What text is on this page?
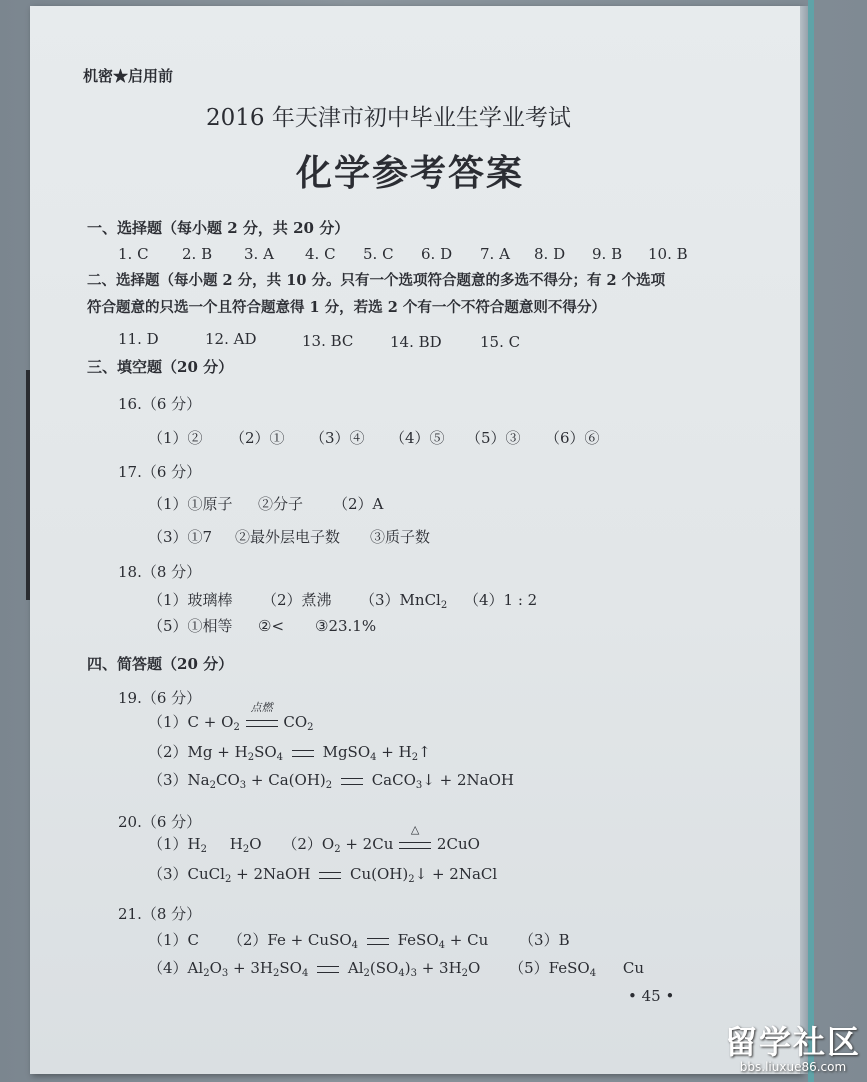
机密★启用前
2016 年天津市初中毕业生学业考试
化学参考答案
一、选择题（每小题 2 分，共 20 分）
1. C 2. B 3. A 4. C 5. C 6. D 7. A 8. D 9. B 10. B
二、选择题（每小题 2 分，共 10 分。只有一个选项符合题意的多选不得分；有 2 个选项
符合题意的只选一个且符合题意得 1 分，若选 2 个有一个不符合题意则不得分）
11. D	12. AD	13. BC 14. BD	15. C
三、填空题（20 分）
16.（6 分）
（1）② （2）① （3）④ （4）⑤ （5）③ （6）⑥
17.（6 分）
（1）①原子 ②分子 （2）A
（3）①7 ②最外层电子数 ③质子数
18.（8 分）
（1）玻璃棒 （2）煮沸 （3）MnCl$_2$ （4）1 : 2
（5）①相等 ②< ③23.1%
四、简答题（20 分）
19.（6 分）
$(1)C + O_2$
点燃
$CO_2$
$(2)Mg + H_2SO_4$	MgSO$_4$ + $H_2↑$
$(3)Na_2CO_3 + Ca(OH)_2$	CaCO$_3$↓ + 2NaOH
20.（6 分）
$(1)H_2$ $H_2O$ $(2)O_2 + 2Cu$
△
2CuO
（3）CuCl$_2$ + 2NaOH	$Cu(OH)_2↓$ + 2NaCl
21.（8 分）
（1）C （2）Fe + CuSO$_4$	FeSO$_4$ + Cu （3）B
$(4)Al_2O_3 + 3H_2SO_4$	$Al_2(SO_4)_3 + 3H_2O$ （5）FeSO$_4$ Cu
• 45 •
留学社区
bbs.liuxue86.com
